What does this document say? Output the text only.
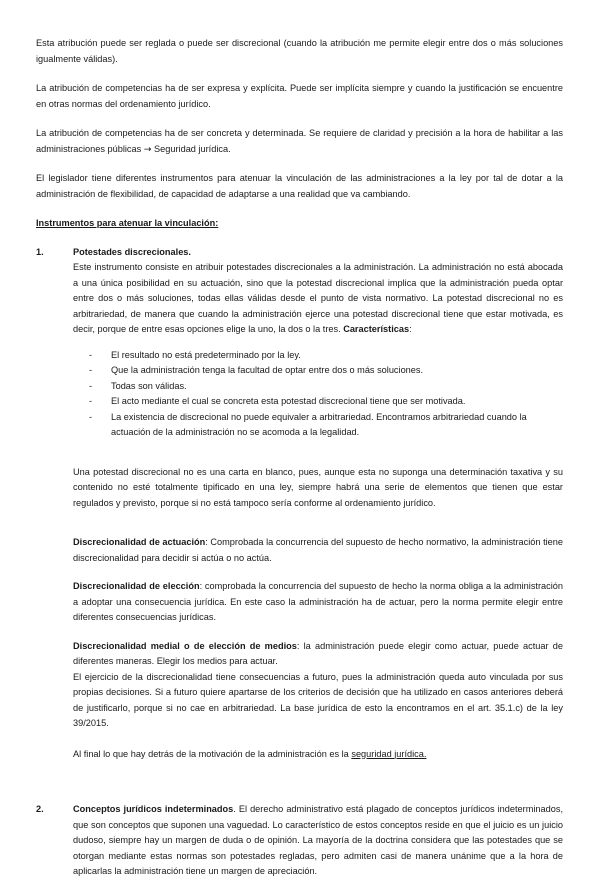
Esta atribución puede ser reglada o puede ser discrecional (cuando la atribución me permite elegir entre dos o más soluciones igualmente válidas).

La atribución de competencias ha de ser expresa y explícita. Puede ser implícita siempre y cuando la justificación se encuentre en otras normas del ordenamiento jurídico.

La atribución de competencias ha de ser concreta y determinada. Se requiere de claridad y precisión a la hora de habilitar a las administraciones públicas → Seguridad jurídica.

El legislador tiene diferentes instrumentos para atenuar la vinculación de las administraciones a la ley por tal de dotar a la administración de flexibilidad, de capacidad de adaptarse a una realidad que va cambiando.

Instrumentos para atenuar la vinculación:

1.	Potestades discrecionales.

Este instrumento consiste en atribuir potestades discrecionales a la administración. La administración no está abocada a una única posibilidad en su actuación, sino que la potestad discrecional implica que la administración pueda optar entre dos o más soluciones, todas ellas válidas desde el punto de vista normativo. La potestad discrecional no es arbitrariedad, de manera que cuando la administración ejerce una potestad discrecional tiene que estar motivada, es decir, porque de entre esas opciones elige la uno, la dos o la tres. Características:

-	El resultado no está predeterminado por la ley.
-	Que la administración tenga la facultad de optar entre dos o más soluciones.
-	Todas son válidas.
-	El acto mediante el cual se concreta esta potestad discrecional tiene que ser motivada.
-	La existencia de discrecional no puede equivaler a arbitrariedad. Encontramos arbitrariedad cuando la actuación de la administración no se acomoda a la legalidad.

Una potestad discrecional no es una carta en blanco, pues, aunque esta no suponga una determinación taxativa y su contenido no esté totalmente tipificado en una ley, siempre habrá una serie de elementos que tienen que estar regulados y previsto, porque si no está tampoco sería conforme al ordenamiento jurídico.

Discrecionalidad de actuación: Comprobada la concurrencia del supuesto de hecho normativo, la administración tiene discrecionalidad para decidir si actúa o no actúa.

Discrecionalidad de elección: comprobada la concurrencia del supuesto de hecho la norma obliga a la administración a adoptar una consecuencia jurídica. En este caso la administración ha de actuar, pero la norma permite elegir entre diferentes consecuencias jurídicas.

Discrecionalidad medial o de elección de medios: la administración puede elegir como actuar, puede actuar de diferentes maneras. Elegir los medios para actuar.

El ejercicio de la discrecionalidad tiene consecuencias a futuro, pues la administración queda auto vinculada por sus propias decisiones. Si a futuro quiere apartarse de los criterios de decisión que ha utilizado en casos anteriores deberá de justificarlo, porque si no cae en arbitrariedad. La base jurídica de esto la encontramos en el art. 35.1.c) de la ley 39/2015.

Al final lo que hay detrás de la motivación de la administración es la seguridad jurídica.

2.	Conceptos jurídicos indeterminados. El derecho administrativo está plagado de conceptos jurídicos indeterminados, que son conceptos que suponen una vaguedad. Lo característico de estos conceptos reside en que el juicio es un juicio dudoso, siempre hay un margen de duda o de opinión. La mayoría de la doctrina considera que las potestades que se otorgan mediante estas normas son potestades regladas, pero admiten casi de manera unánime que a la hora de aplicarlas la administración tiene un margen de apreciación.
